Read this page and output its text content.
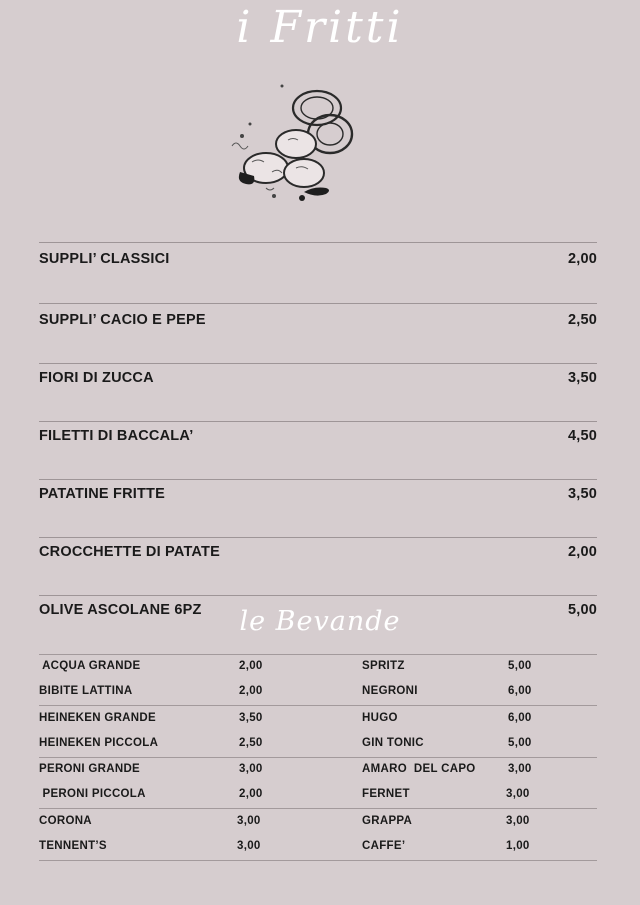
i Fritti
SUPPLI’ CLASSICI	2,00
SUPPLI’ CACIO E PEPE	2,50
FIORI DI ZUCCA	3,50
FILETTI DI BACCALA’	4,50
PATATINE FRITTE	3,50
CROCCHETTE DI PATATE	2,00
OLIVE ASCOLANE 6PZ	5,00
le Bevande
ACQUA GRANDE	2,00
BIBITE LATTINA	2,00
HEINEKEN GRANDE	3,50
HEINEKEN PICCOLA	2,50
PERONI GRANDE	3,00
PERONI PICCOLA	2,00
CORONA	3,00
TENNENT’S	3,00
SPRITZ	5,00
NEGRONI	6,00
HUGO	6,00
GIN TONIC	5,00
AMARO  DEL CAPO	3,00
FERNET	3,00
GRAPPA	3,00
CAFFE’	1,00
